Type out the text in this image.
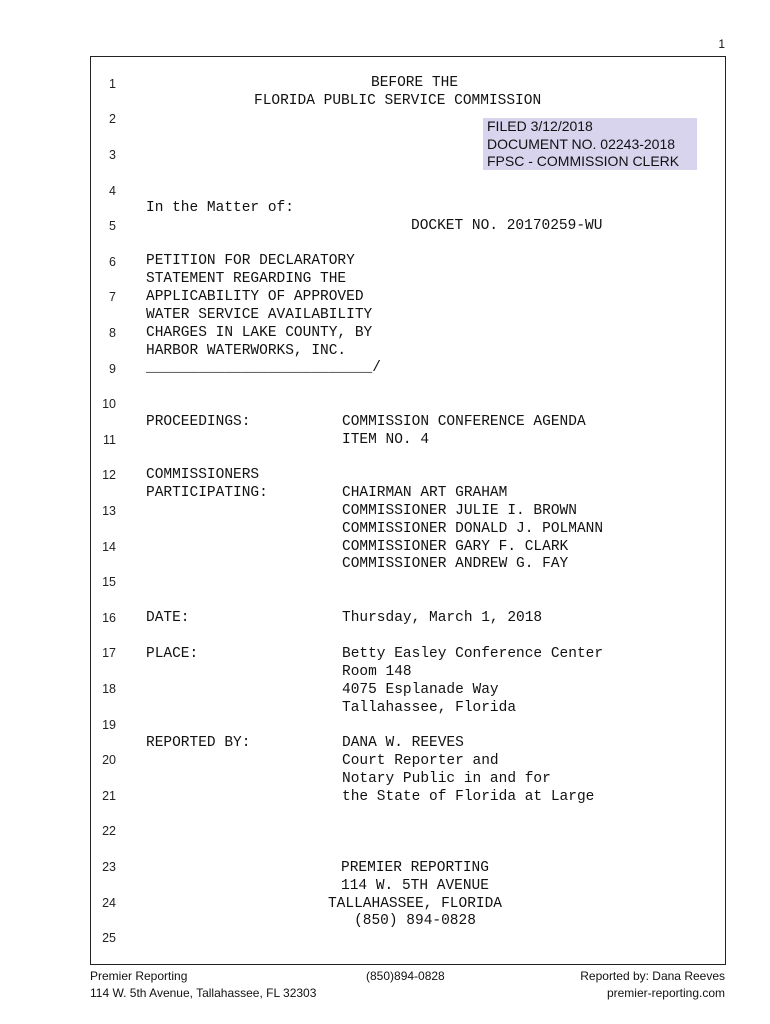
1
1
2
3
4
5
6
7
8
9
10
11
12
13
14
15
16
17
18
19
20
21
22
23
24
25
BEFORE THE
FLORIDA PUBLIC SERVICE COMMISSION
FILED 3/12/2018
DOCUMENT NO. 02243-2018
FPSC - COMMISSION CLERK
In the Matter of:
DOCKET NO. 20170259-WU
PETITION FOR DECLARATORY
STATEMENT REGARDING THE
APPLICABILITY OF APPROVED
WATER SERVICE AVAILABILITY
CHARGES IN LAKE COUNTY, BY
HARBOR WATERWORKS, INC.
__________________________/
PROCEEDINGS:	COMMISSION CONFERENCE AGENDA
ITEM NO. 4
COMMISSIONERS
PARTICIPATING:	CHAIRMAN ART GRAHAM
COMMISSIONER JULIE I. BROWN
COMMISSIONER DONALD J. POLMANN
COMMISSIONER GARY F. CLARK
COMMISSIONER ANDREW G. FAY
DATE:	Thursday, March 1, 2018
PLACE:	Betty Easley Conference Center
Room 148
4075 Esplanade Way
Tallahassee, Florida
REPORTED BY:	DANA W. REEVES
Court Reporter and
Notary Public in and for
the State of Florida at Large
PREMIER REPORTING
114 W. 5TH AVENUE
TALLAHASSEE, FLORIDA
(850) 894-0828
Premier Reporting
114 W. 5th Avenue, Tallahassee, FL 32303
(850)894-0828	Reported by: Dana Reeves
premier-reporting.com
